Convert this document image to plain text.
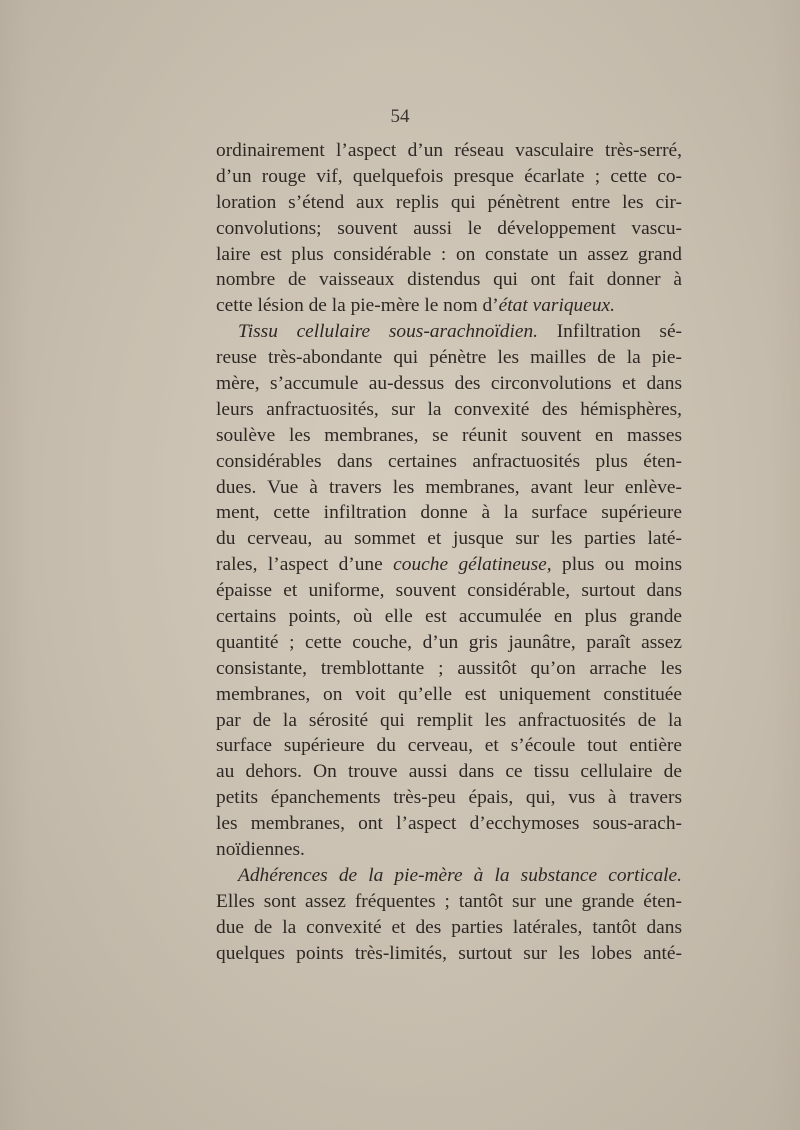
54
ordinairement l’aspect d’un réseau vasculaire très-serré,
d’un rouge vif, quelquefois presque écarlate ; cette co-
loration s’étend aux replis qui pénètrent entre les cir-
convolutions; souvent aussi le développement vascu-
laire est plus considérable : on constate un assez grand
nombre de vaisseaux distendus qui ont fait donner à
cette lésion de la pie-mère le nom d’état variqueux.
Tissu cellulaire sous-arachnoïdien. Infiltration sé-
reuse très-abondante qui pénètre les mailles de la pie-
mère, s’accumule au-dessus des circonvolutions et dans
leurs anfractuosités, sur la convexité des hémisphères,
soulève les membranes, se réunit souvent en masses
considérables dans certaines anfractuosités plus éten-
dues. Vue à travers les membranes, avant leur enlève-
ment, cette infiltration donne à la surface supérieure
du cerveau, au sommet et jusque sur les parties laté-
rales, l’aspect d’une couche gélatineuse, plus ou moins
épaisse et uniforme, souvent considérable, surtout dans
certains points, où elle est accumulée en plus grande
quantité ; cette couche, d’un gris jaunâtre, paraît assez
consistante, tremblottante ; aussitôt qu’on arrache les
membranes, on voit qu’elle est uniquement constituée
par de la sérosité qui remplit les anfractuosités de la
surface supérieure du cerveau, et s’écoule tout entière
au dehors. On trouve aussi dans ce tissu cellulaire de
petits épanchements très-peu épais, qui, vus à travers
les membranes, ont l’aspect d’ecchymoses sous-arach-
noïdiennes.
Adhérences de la pie-mère à la substance corticale.
Elles sont assez fréquentes ; tantôt sur une grande éten-
due de la convexité et des parties latérales, tantôt dans
quelques points très-limités, surtout sur les lobes anté-
